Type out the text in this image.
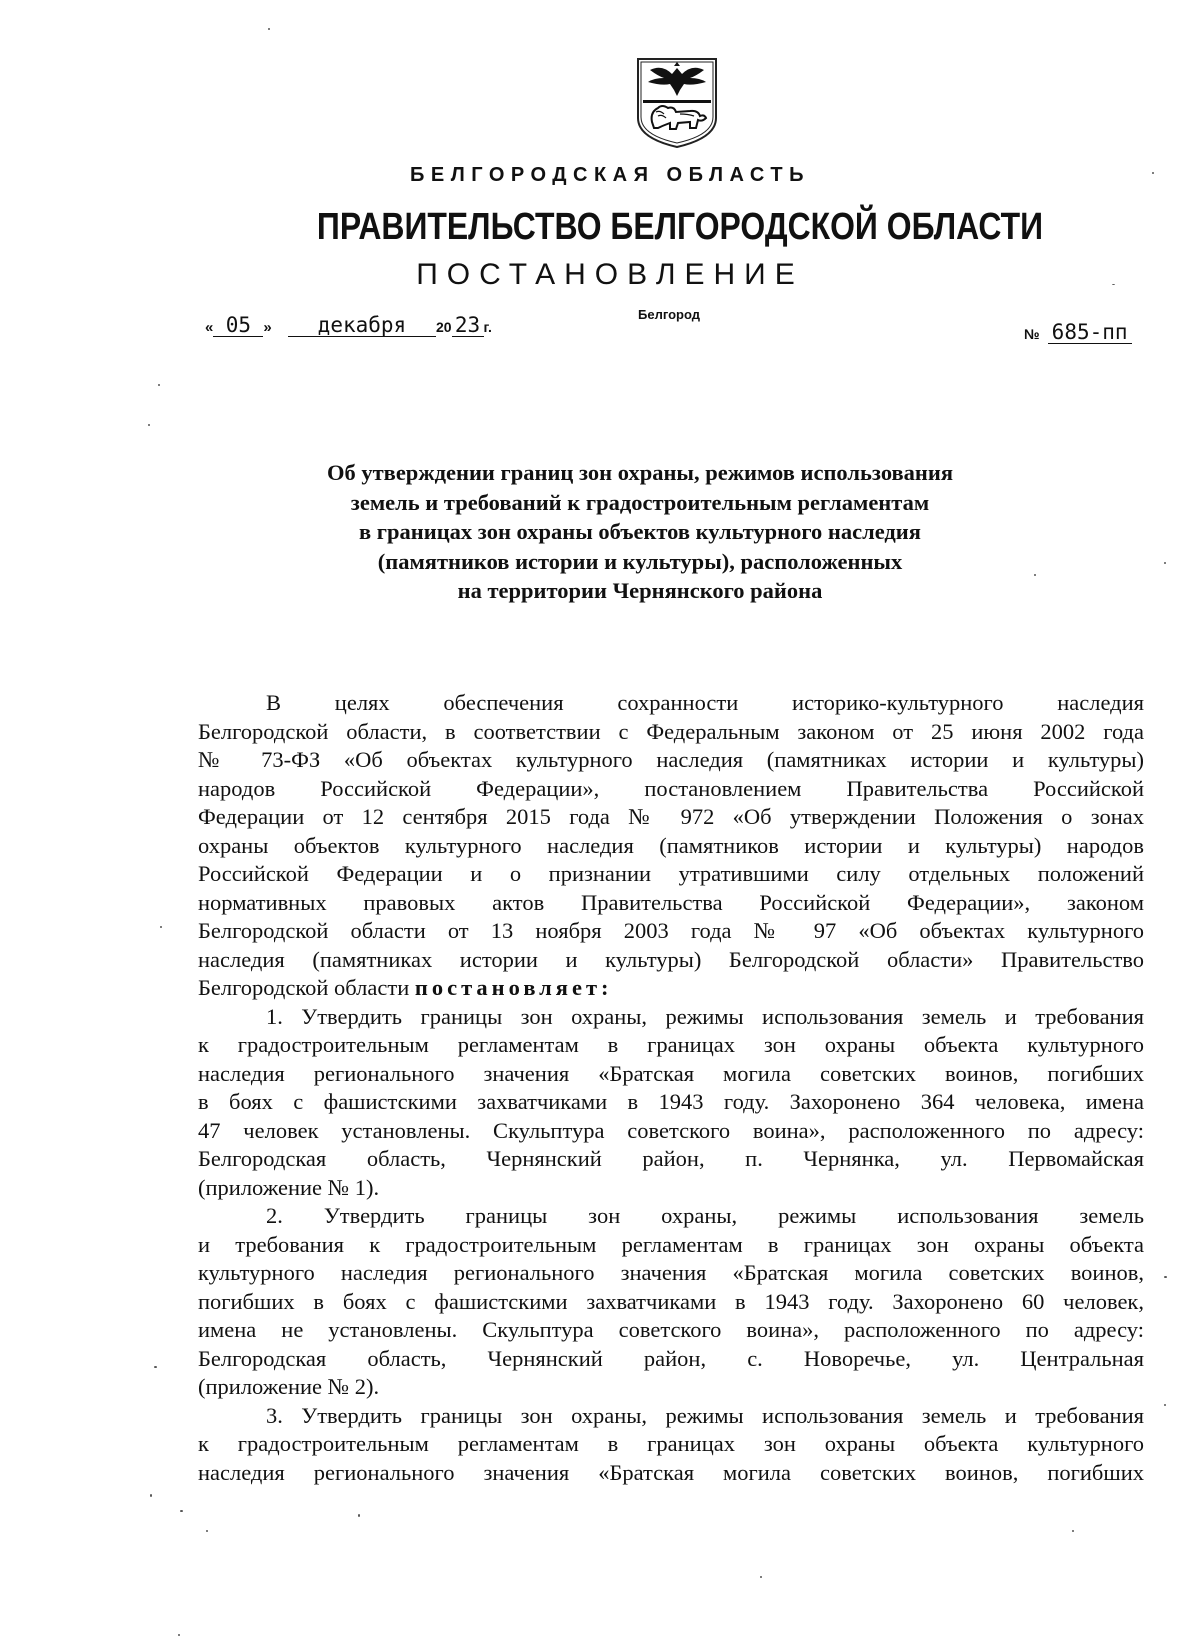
БЕЛГОРОДСКАЯ ОБЛАСТЬ
ПРАВИТЕЛЬСТВО БЕЛГОРОДСКОЙ ОБЛАСТИ
ПОСТАНОВЛЕНИЕ
Белгород
« 05 » декабря 20 23 г.	№ 685-пп
Об утверждении границ зон охраны, режимов использования
земель и требований к градостроительным регламентам
в границах зон охраны объектов культурного наследия
(памятников истории и культуры), расположенных
на территории Чернянского района
В целях обеспечения сохранности историко-культурного наследия
Белгородской области, в соответствии с Федеральным законом от 25 июня 2002 года
№ 73-ФЗ «Об объектах культурного наследия (памятниках истории и культуры)
народов Российской Федерации», постановлением Правительства Российской
Федерации от 12 сентября 2015 года № 972 «Об утверждении Положения о зонах
охраны объектов культурного наследия (памятников истории и культуры) народов
Российской Федерации и о признании утратившими силу отдельных положений
нормативных правовых актов Правительства Российской Федерации», законом
Белгородской области от 13 ноября 2003 года № 97 «Об объектах культурного
наследия (памятниках истории и культуры) Белгородской области» Правительство
Белгородской области постановляет:
1. Утвердить границы зон охраны, режимы использования земель и требования
к градостроительным регламентам в границах зон охраны объекта культурного
наследия регионального значения «Братская могила советских воинов, погибших
в боях с фашистскими захватчиками в 1943 году. Захоронено 364 человека, имена
47 человек установлены. Скульптура советского воина», расположенного по адресу:
Белгородская область, Чернянский район, п. Чернянка, ул. Первомайская
(приложение № 1).
2. Утвердить границы зон охраны, режимы использования земель
и требования к градостроительным регламентам в границах зон охраны объекта
культурного наследия регионального значения «Братская могила советских воинов,
погибших в боях с фашистскими захватчиками в 1943 году. Захоронено 60 человек,
имена не установлены. Скульптура советского воина», расположенного по адресу:
Белгородская область, Чернянский район, с. Новоречье, ул. Центральная
(приложение № 2).
3. Утвердить границы зон охраны, режимы использования земель и требования
к градостроительным регламентам в границах зон охраны объекта культурного
наследия регионального значения «Братская могила советских воинов, погибших
